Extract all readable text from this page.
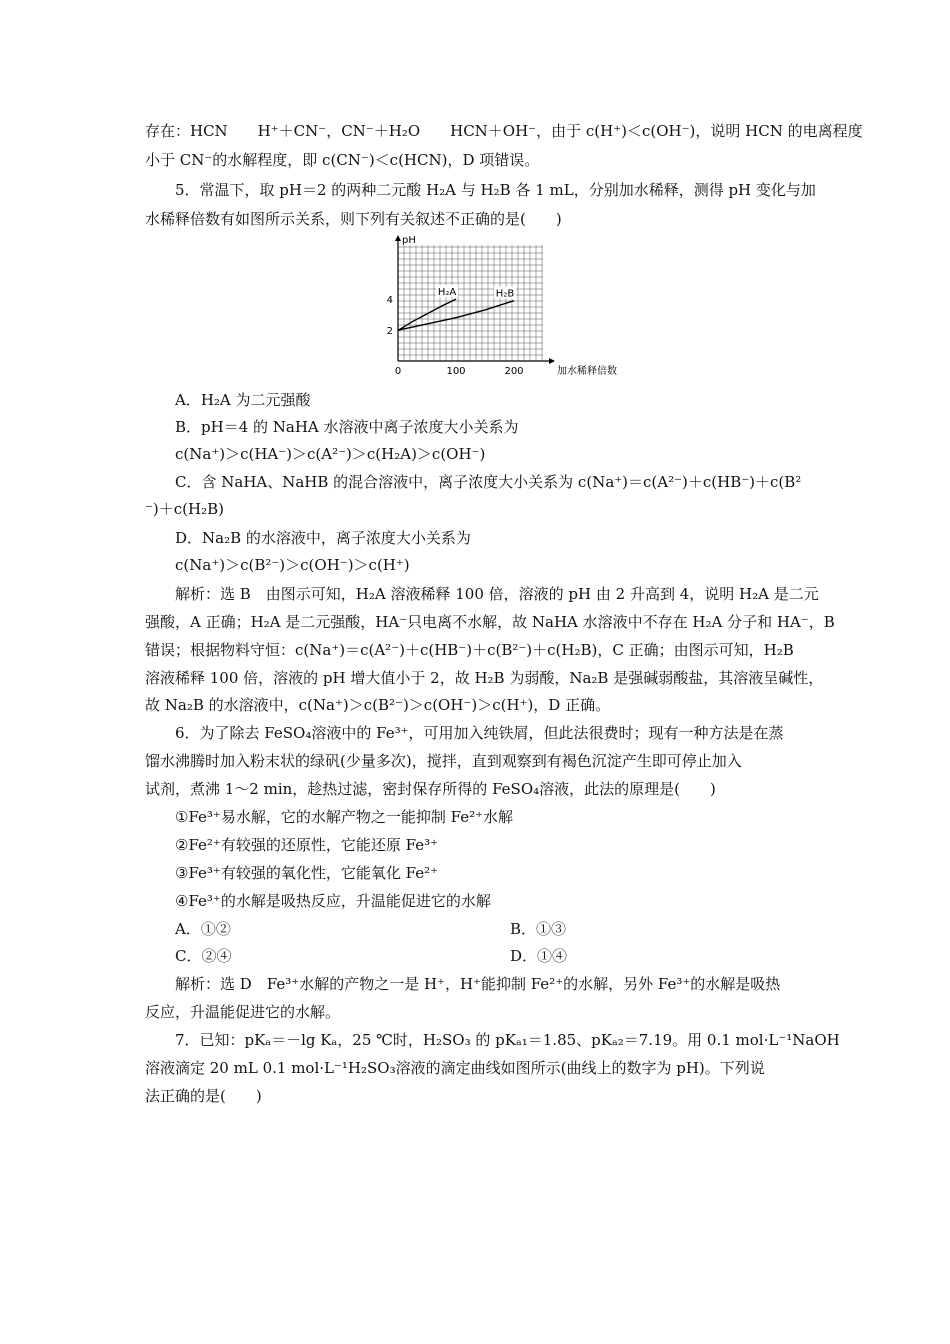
存在：HCN　　H⁺＋CN⁻，CN⁻＋H₂O　　HCN＋OH⁻，由于 c(H⁺)＜c(OH⁻)，说明 HCN 的电离程度
小于 CN⁻的水解程度，即 c(CN⁻)＜c(HCN)，D 项错误。
5．常温下，取 pH＝2 的两种二元酸 H₂A 与 H₂B 各 1 mL，分别加水稀释，测得 pH 变化与加
水稀释倍数有如图所示关系，则下列有关叙述不正确的是(　　)
2
4
0	100	200
H₂A	H₂B
pH
加水稀释倍数
A．H₂A 为二元强酸
B．pH＝4 的 NaHA 水溶液中离子浓度大小关系为
c(Na⁺)＞c(HA⁻)＞c(A²⁻)＞c(H₂A)＞c(OH⁻)
C．含 NaHA、NaHB 的混合溶液中，离子浓度大小关系为 c(Na⁺)＝c(A²⁻)＋c(HB⁻)＋c(B²
⁻)＋c(H₂B)
D．Na₂B 的水溶液中，离子浓度大小关系为
c(Na⁺)＞c(B²⁻)＞c(OH⁻)＞c(H⁺)
解析：选 B　由图示可知，H₂A 溶液稀释 100 倍，溶液的 pH 由 2 升高到 4，说明 H₂A 是二元
强酸，A 正确；H₂A 是二元强酸，HA⁻只电离不水解，故 NaHA 水溶液中不存在 H₂A 分子和 HA⁻，B
错误；根据物料守恒：c(Na⁺)＝c(A²⁻)＋c(HB⁻)＋c(B²⁻)＋c(H₂B)，C 正确；由图示可知，H₂B
溶液稀释 100 倍，溶液的 pH 增大值小于 2，故 H₂B 为弱酸，Na₂B 是强碱弱酸盐，其溶液呈碱性，
故 Na₂B 的水溶液中，c(Na⁺)＞c(B²⁻)＞c(OH⁻)＞c(H⁺)，D 正确。
6．为了除去 FeSO₄溶液中的 Fe³⁺，可用加入纯铁屑，但此法很费时；现有一种方法是在蒸
馏水沸腾时加入粉末状的绿矾(少量多次)，搅拌，直到观察到有褐色沉淀产生即可停止加入
试剂，煮沸 1～2 min，趁热过滤，密封保存所得的 FeSO₄溶液，此法的原理是(　　)
①Fe³⁺易水解，它的水解产物之一能抑制 Fe²⁺水解
②Fe²⁺有较强的还原性，它能还原 Fe³⁺
③Fe³⁺有较强的氧化性，它能氧化 Fe²⁺
④Fe³⁺的水解是吸热反应，升温能促进它的水解
A．①②	B．①③
C．②④	D．①④
解析：选 D　Fe³⁺水解的产物之一是 H⁺，H⁺能抑制 Fe²⁺的水解，另外 Fe³⁺的水解是吸热
反应，升温能促进它的水解。
7．已知：pKₐ＝－lg Kₐ，25 ℃时，H₂SO₃ 的 pKₐ₁＝1.85、pKₐ₂＝7.19。用 0.1 mol·L⁻¹NaOH
溶液滴定 20 mL 0.1 mol·L⁻¹H₂SO₃溶液的滴定曲线如图所示(曲线上的数字为 pH)。下列说
法正确的是(　　)
